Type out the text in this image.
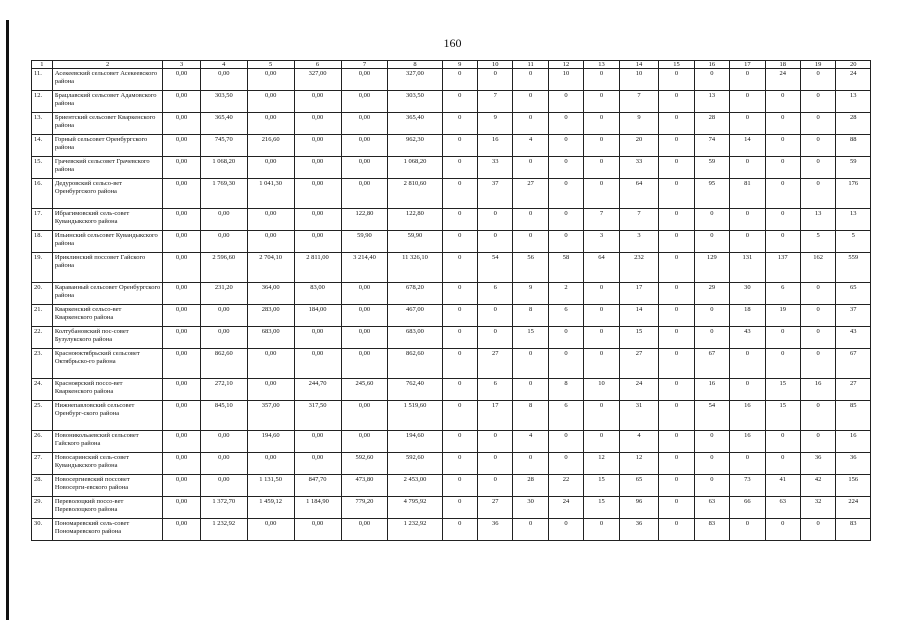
160
1	2	3	4	5	6	7	8	9	10	11	12	13	14	15	16	17	18	19	20
11.	Асекеевский сельсовет Асекеевского района	0,00	0,00	0,00	327,00	0,00	327,00	0	0	0	10	0	10	0	0	0	24	0	24
12.	Брацлавский сельсовет Адамовского района	0,00	303,50	0,00	0,00	0,00	303,50	0	7	0	0	0	7	0	13	0	0	0	13
13.	Бриентский сельсовет Кваркенского района	0,00	365,40	0,00	0,00	0,00	365,40	0	9	0	0	0	9	0	28	0	0	0	28
14.	Горный сельсовет Оренбургского района	0,00	745,70	216,60	0,00	0,00	962,30	0	16	4	0	0	20	0	74	14	0	0	88
15.	Грачевский сельсовет Грачевского района	0,00	1 068,20	0,00	0,00	0,00	1 068,20	0	33	0	0	0	33	0	59	0	0	0	59
16.	Дедуровский сельсо-вет Оренбургского района	0,00	1 769,30	1 041,30	0,00	0,00	2 810,60	0	37	27	0	0	64	0	95	81	0	0	176
17.	Ибрагимовский сель-совет Кувандыкского района	0,00	0,00	0,00	0,00	122,80	122,80	0	0	0	0	7	7	0	0	0	0	13	13
18.	Ильинский сельсовет Кувандыкского района	0,00	0,00	0,00	0,00	59,90	59,90	0	0	0	0	3	3	0	0	0	0	5	5
19.	Ириклинский поссовет Гайского района	0,00	2 596,60	2 704,10	2 811,00	3 214,40	11 326,10	0	54	56	58	64	232	0	129	131	137	162	559
20.	Караванный сельсовет Оренбургского района	0,00	231,20	364,00	83,00	0,00	678,20	0	6	9	2	0	17	0	29	30	6	0	65
21.	Кваркенский сельсо-вет Кваркенского района	0,00	0,00	283,00	184,00	0,00	467,00	0	0	8	6	0	14	0	0	18	19	0	37
22.	Колтубановский пос-совет Бузулукского района	0,00	0,00	683,00	0,00	0,00	683,00	0	0	15	0	0	15	0	0	43	0	0	43
23.	Красноюктябрьский сельсовет Октябрьско-го района	0,00	862,60	0,00	0,00	0,00	862,60	0	27	0	0	0	27	0	67	0	0	0	67
24.	Красноярский поссо-вет Кваркенского района	0,00	272,10	0,00	244,70	245,60	762,40	0	6	0	8	10	24	0	16	0	15	16	27
25.	Нижнепавловский сельсовет Оренбург-ского района	0,00	845,10	357,00	317,50	0,00	1 519,60	0	17	8	6	0	31	0	54	16	15	0	85
26.	Новоникольаевский сельсовет Гайского района	0,00	0,00	194,60	0,00	0,00	194,60	0	0	4	0	0	4	0	0	16	0	0	16
27.	Новосаринский сель-совет Кувандыкского района	0,00	0,00	0,00	0,00	592,60	592,60	0	0	0	0	12	12	0	0	0	0	36	36
28.	Новосергиевский поссовет Новосерги-евского района	0,00	0,00	1 131,50	847,70	473,80	2 453,00	0	0	28	22	15	65	0	0	73	41	42	156
29.	Переволоцкий поссо-вет Переволоцкого района	0,00	1 372,70	1 459,12	1 184,90	779,20	4 795,92	0	27	30	24	15	96	0	63	66	63	32	224
30.	Пономаревский сель-совет Пономаревского района	0,00	1 232,92	0,00	0,00	0,00	1 232,92	0	36	0	0	0	36	0	83	0	0	0	83
